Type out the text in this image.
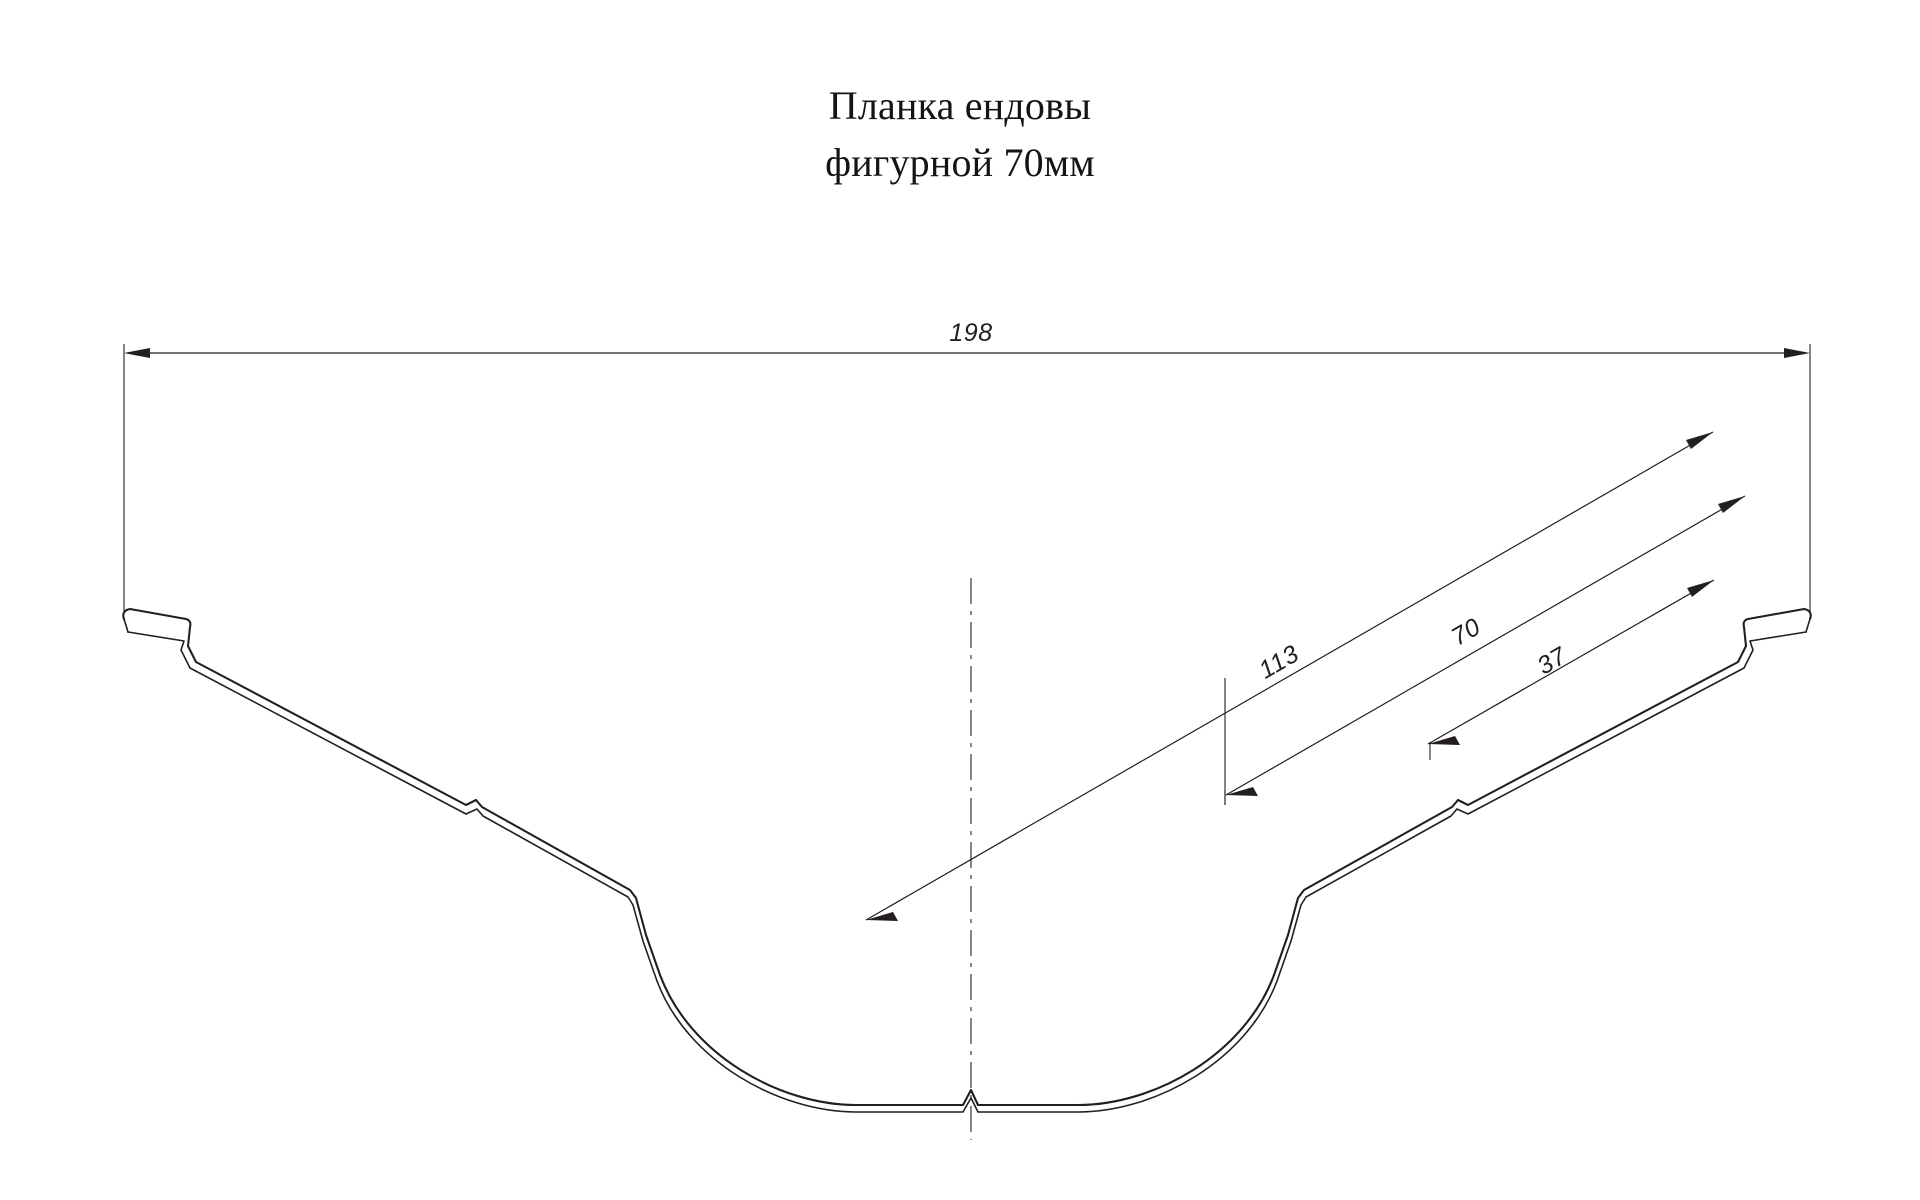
Планка ендовы
фигурной 70мм
198
113
70
37
